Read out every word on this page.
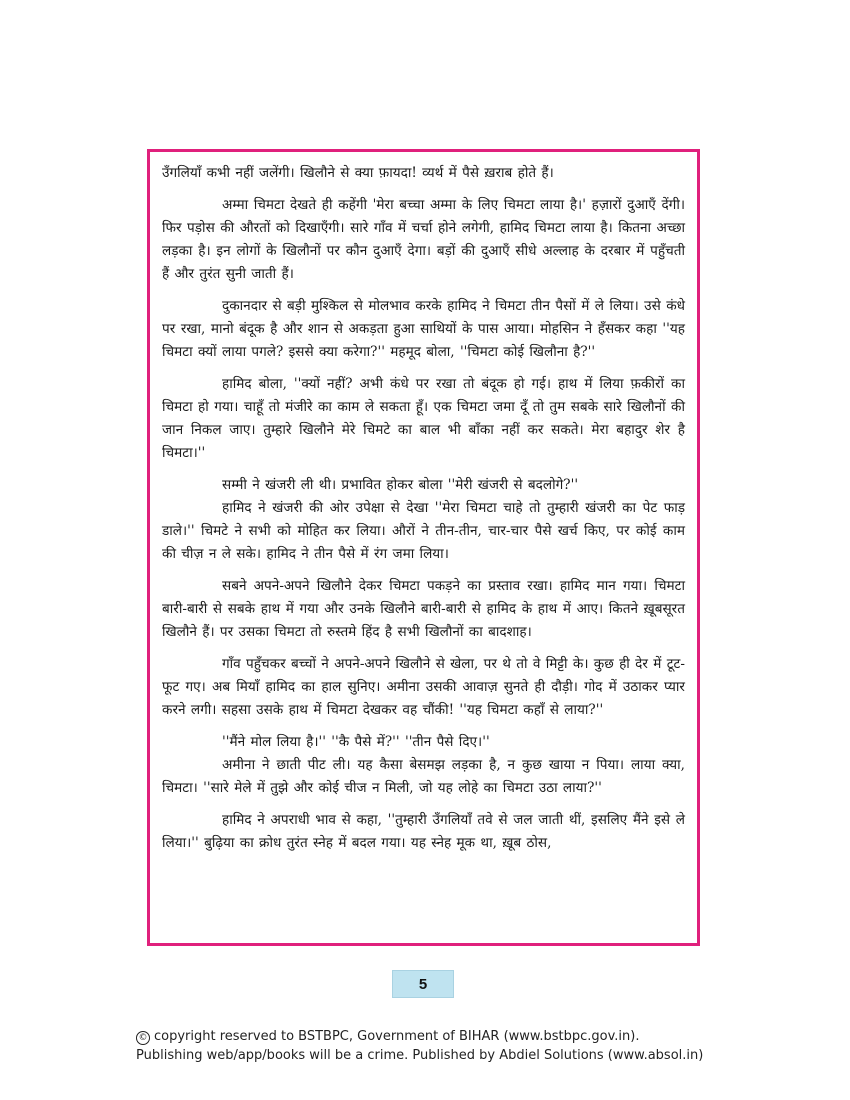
उँगलियाँ कभी नहीं जलेंगी। खिलौने से क्या फ़ायदा! व्यर्थ में पैसे ख़राब होते हैं।

अम्मा चिमटा देखते ही कहेंगी 'मेरा बच्चा अम्मा के लिए चिमटा लाया है।' हज़ारों दुआएँ देंगी। फिर पड़ोस की औरतों को दिखाएँगी। सारे गाँव में चर्चा होने लगेगी, हामिद चिमटा लाया है। कितना अच्छा लड़का है। इन लोगों के खिलौनों पर कौन दुआएँ देगा। बड़ों की दुआएँ सीधे अल्लाह के दरबार में पहुँचती हैं और तुरंत सुनी जाती हैं।

दुकानदार से बड़ी मुश्किल से मोलभाव करके हामिद ने चिमटा तीन पैसों में ले लिया। उसे कंधे पर रखा, मानो बंदूक है और शान से अकड़ता हुआ साथियों के पास आया। मोहसिन ने हँसकर कहा ''यह चिमटा क्यों लाया पगले? इससे क्या करेगा?'' महमूद बोला, ''चिमटा कोई खिलौना है?''

हामिद बोला, ''क्यों नहीं? अभी कंधे पर रखा तो बंदूक हो गई। हाथ में लिया फ़कीरों का चिमटा हो गया। चाहूँ तो मंजीरे का काम ले सकता हूँ। एक चिमटा जमा दूँ तो तुम सबके सारे खिलौनों की जान निकल जाए। तुम्हारे खिलौने मेरे चिमटे का बाल भी बाँका नहीं कर सकते। मेरा बहादुर शेर है चिमटा।''

सम्मी ने खंजरी ली थी। प्रभावित होकर बोला ''मेरी खंजरी से बदलोगे?''

हामिद ने खंजरी की ओर उपेक्षा से देखा ''मेरा चिमटा चाहे तो तुम्हारी खंजरी का पेट फाड़ डाले।'' चिमटे ने सभी को मोहित कर लिया। औरों ने तीन-तीन, चार-चार पैसे खर्च किए, पर कोई काम की चीज़ न ले सके। हामिद ने तीन पैसे में रंग जमा लिया।

सबने अपने-अपने खिलौने देकर चिमटा पकड़ने का प्रस्ताव रखा। हामिद मान गया। चिमटा बारी-बारी से सबके हाथ में गया और उनके खिलौने बारी-बारी से हामिद के हाथ में आए। कितने ख़ूबसूरत खिलौने हैं। पर उसका चिमटा तो रुस्तमे हिंद है सभी खिलौनों का बादशाह।

गाँव पहुँचकर बच्चों ने अपने-अपने खिलौने से खेला, पर थे तो वे मिट्टी के। कुछ ही देर में टूट-फूट गए। अब मियाँ हामिद का हाल सुनिए। अमीना उसकी आवाज़ सुनते ही दौड़ी। गोद में उठाकर प्यार करने लगी। सहसा उसके हाथ में चिमटा देखकर वह चौंकी! ''यह चिमटा कहाँ से लाया?''

''मैंने मोल लिया है।'' ''कै पैसे में?'' ''तीन पैसे दिए।''

अमीना ने छाती पीट ली। यह कैसा बेसमझ लड़का है, न कुछ खाया न पिया। लाया क्या, चिमटा। ''सारे मेले में तुझे और कोई चीज न मिली, जो यह लोहे का चिमटा उठा लाया?''

हामिद ने अपराधी भाव से कहा, ''तुम्हारी उँगलियाँ तवे से जल जाती थीं, इसलिए मैंने इसे ले लिया।'' बुढ़िया का क्रोध तुरंत स्नेह में बदल गया। यह स्नेह मूक था, ख़ूब ठोस,

5
© copyright reserved to BSTBPC, Government of BIHAR (www.bstbpc.gov.in).
Publishing web/app/books will be a crime. Published by Abdiel Solutions (www.absol.in)
